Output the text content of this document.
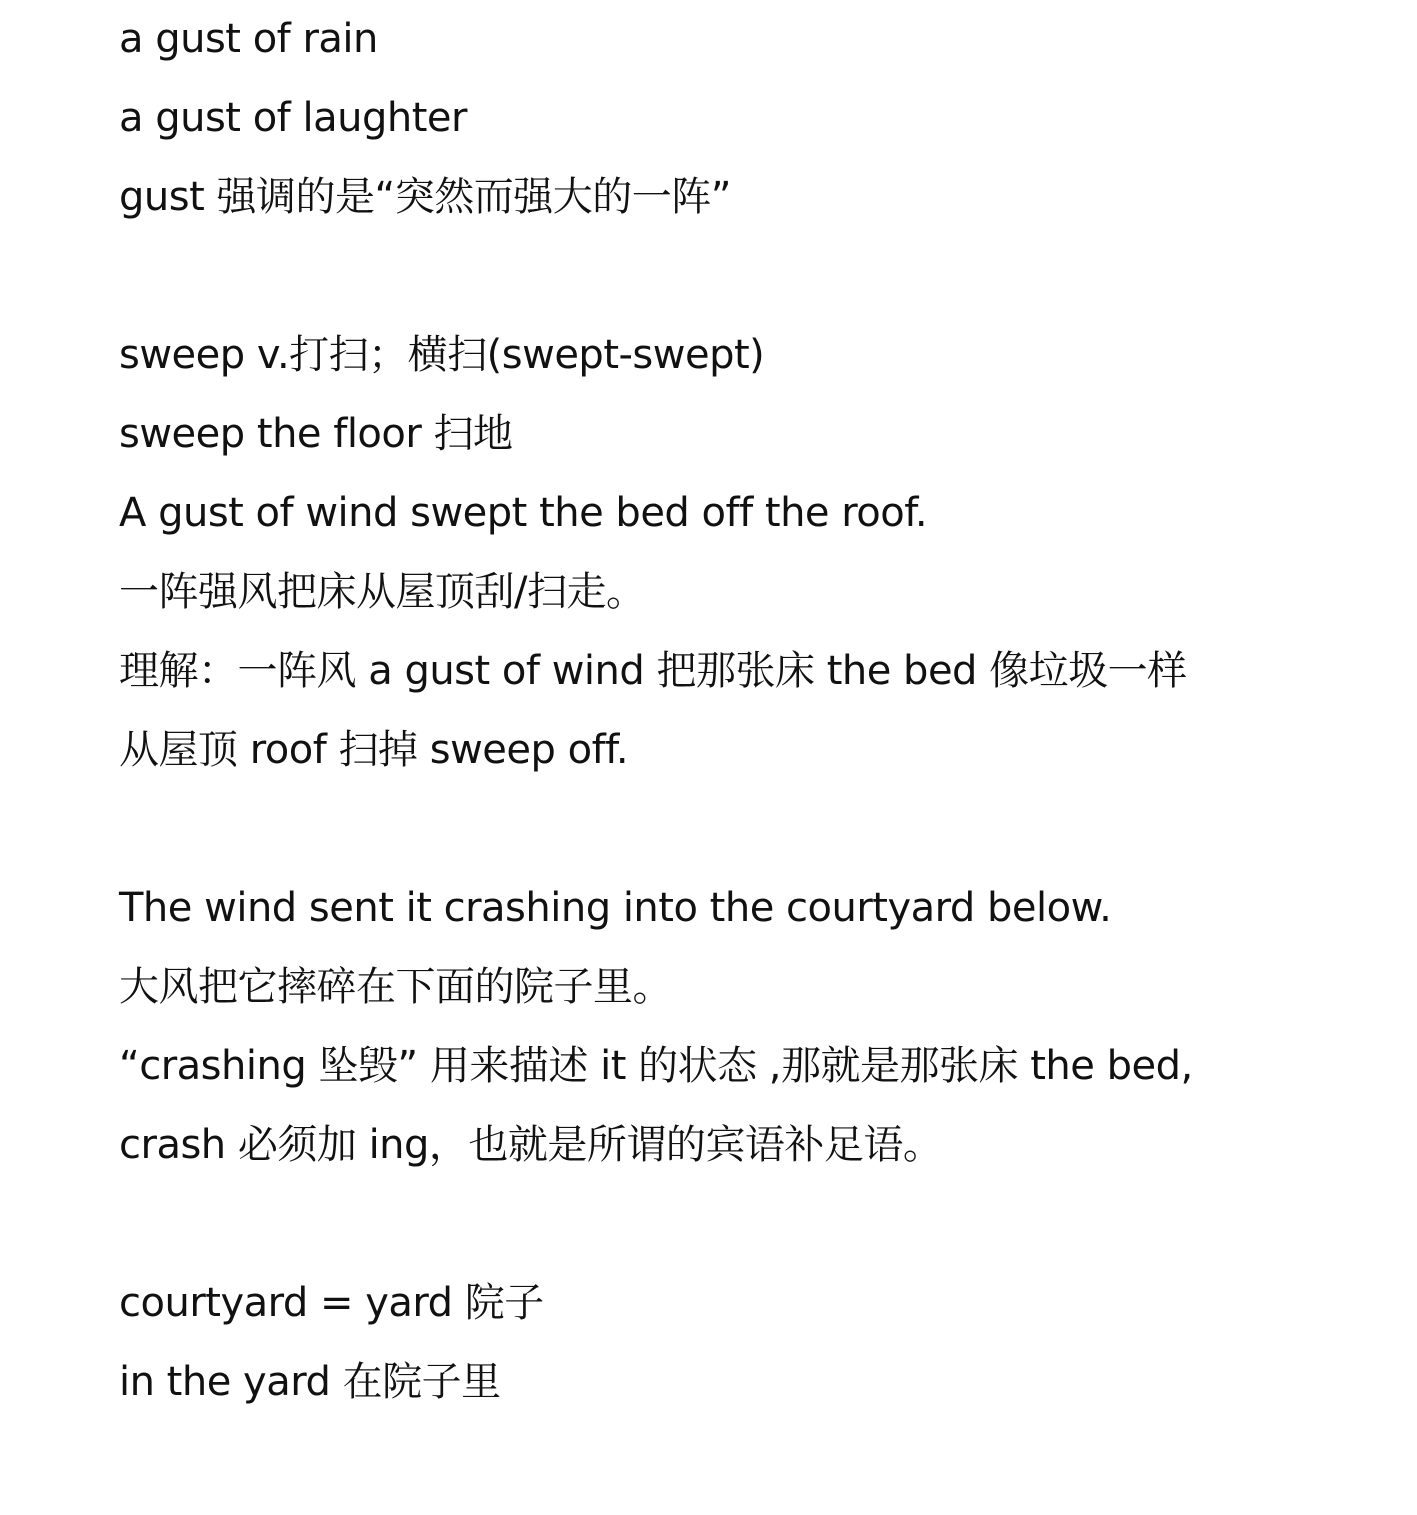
a gust of rain
a gust of laughter
gust 强调的是“突然而强大的一阵”
sweep v.打扫；横扫(swept-swept)
sweep the floor 扫地
A gust of wind swept the bed off the roof.
一阵强风把床从屋顶刮/扫走。
理解：一阵风 a gust of wind 把那张床 the bed 像垃圾一样
从屋顶 roof 扫掉 sweep off.
The wind sent it crashing into the courtyard below.
大风把它摔碎在下面的院子里。
“crashing 坠毁” 用来描述 it 的状态 ,那就是那张床 the bed,
crash 必须加 ing，也就是所谓的宾语补足语。
courtyard = yard 院子
in the yard 在院子里
